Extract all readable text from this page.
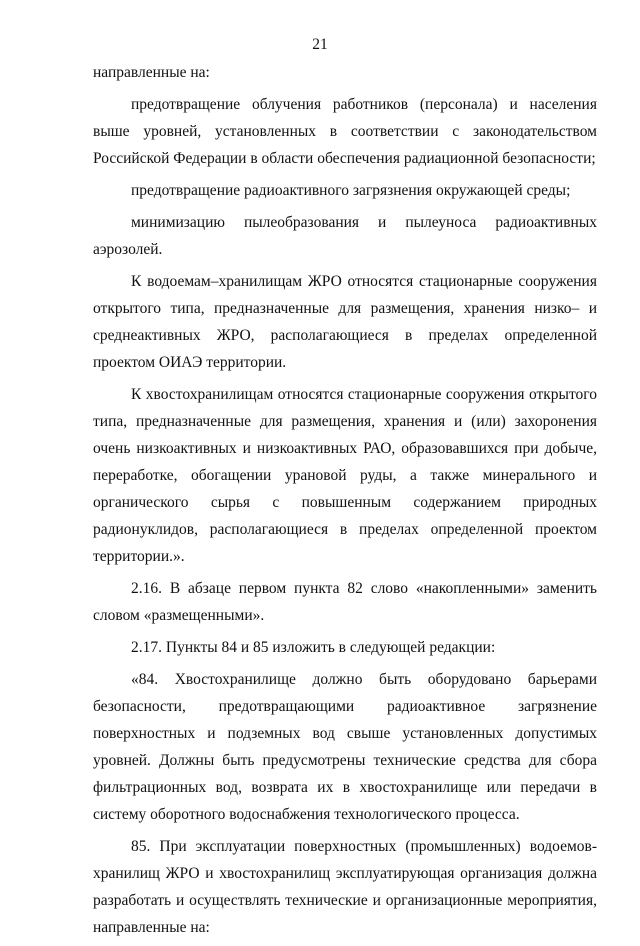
21

направленные на:

предотвращение облучения работников (персонала) и населения выше уровней, установленных в соответствии с законодательством Российской Федерации в области обеспечения радиационной безопасности;

предотвращение радиоактивного загрязнения окружающей среды;

минимизацию пылеобразования и пылеуноса радиоактивных аэрозолей.

К водоемам–хранилищам ЖРО относятся стационарные сооружения открытого типа, предназначенные для размещения, хранения низко– и среднеактивных ЖРО, располагающиеся в пределах определенной проектом ОИАЭ территории.

К хвостохранилищам относятся стационарные сооружения открытого типа, предназначенные для размещения, хранения и (или) захоронения очень низкоактивных и низкоактивных РАО, образовавшихся при добыче, переработке, обогащении урановой руды, а также минерального и органического сырья с повышенным содержанием природных радионуклидов, располагающиеся в пределах определенной проектом территории.».

2.16. В абзаце первом пункта 82 слово «накопленными» заменить словом «размещенными».

2.17. Пункты 84 и 85 изложить в следующей редакции:

«84. Хвостохранилище должно быть оборудовано барьерами безопасности, предотвращающими радиоактивное загрязнение поверхностных и подземных вод свыше установленных допустимых уровней. Должны быть предусмотрены технические средства для сбора фильтрационных вод, возврата их в хвостохранилище или передачи в систему оборотного водоснабжения технологического процесса.

85. При эксплуатации поверхностных (промышленных) водоемов-хранилищ ЖРО и хвостохранилищ эксплуатирующая организация должна разработать и осуществлять технические и организационные мероприятия, направленные на:
